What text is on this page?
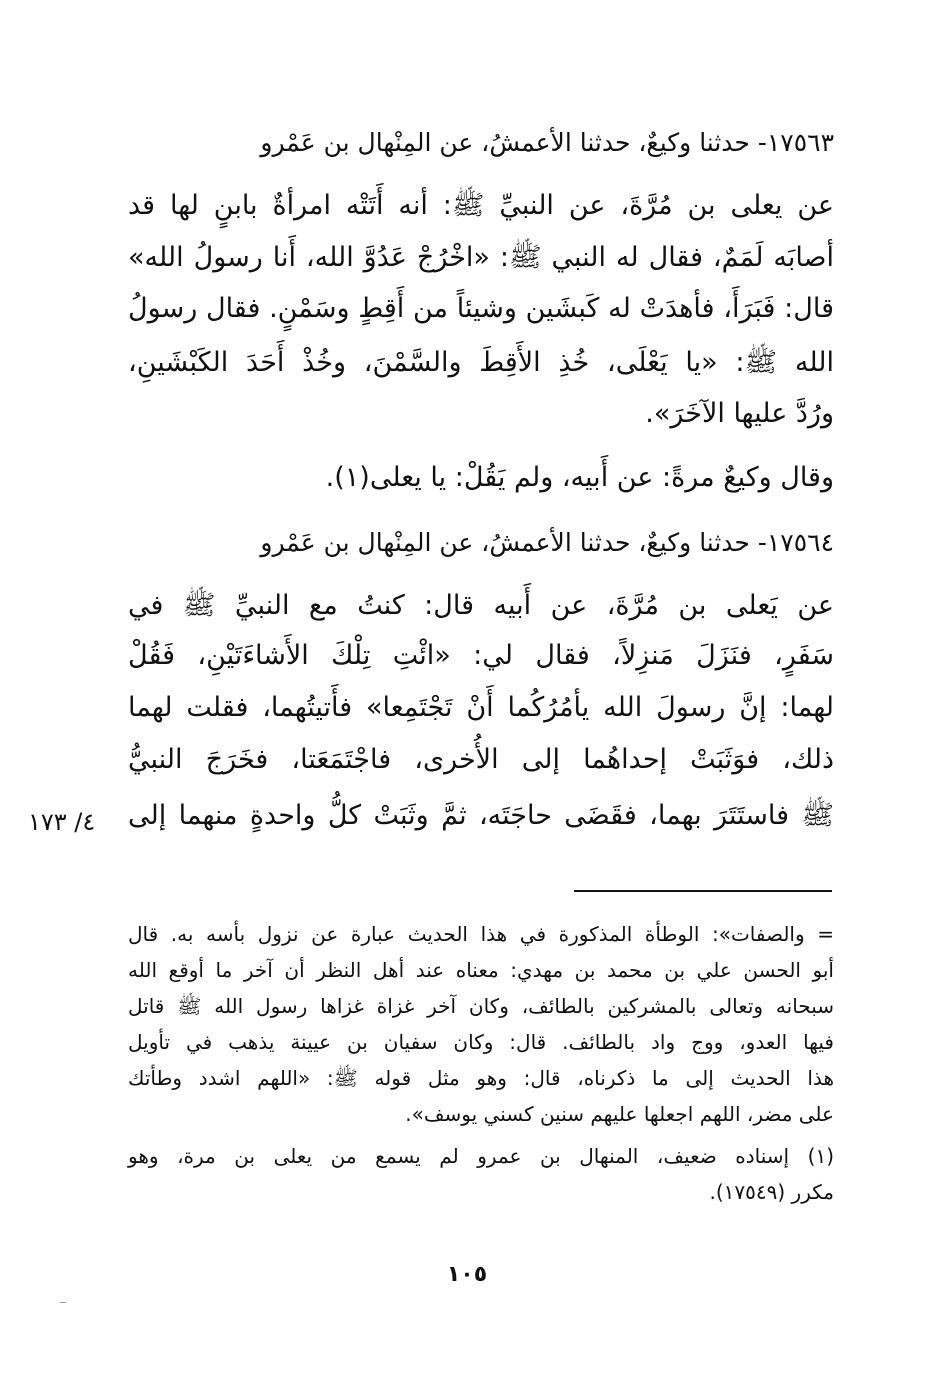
١٧٥٦٣- حدثنا وكيعٌ، حدثنا الأعمشُ، عن المِنْهال بن عَمْرو
عن يعلى بن مُرَّةَ، عن النبيِّ ﷺ: أنه أَتَتْه امرأةٌ بابنٍ لها قد
أصابَه لَمَمٌ، فقال له النبي ﷺ: «اخْرُجْ عَدُوَّ الله، أَنا رسولُ الله»
قال: فَبَرَأَ، فأهدَتْ له كَبشَين وشيئاً من أَقِطٍ وسَمْنٍ. فقال رسولُ
الله ﷺ: «يا يَعْلَى، خُذِ الأَقِطَ والسَّمْنَ، وخُذْ أَحَدَ الكَبْشَينِ،
ورُدَّ عليها الآخَرَ».
وقال وكيعٌ مرةً: عن أَبيه، ولم يَقُلْ: يا يعلى(١).
١٧٥٦٤- حدثنا وكيعٌ، حدثنا الأعمشُ، عن المِنْهال بن عَمْرو
عن يَعلى بن مُرَّةَ، عن أَبيه قال: كنتُ مع النبيِّ ﷺ في
سَفَرٍ، فنَزَلَ مَنزِلاً، فقال لي: «ائْتِ تِلْكَ الأَشاءَتَيْنِ، فَقُلْ
لهما: إنَّ رسولَ الله يأمُرُكُما أَنْ تَجْتَمِعا» فأَتيتُهما، فقلت لهما
ذلك، فوَثَبَتْ إحداهُما إلى الأُخرى، فاجْتَمَعَتا، فخَرَجَ النبيُّ
ﷺ فاستَتَرَ بهما، فقَضَى حاجَتَه، ثمَّ وثَبَتْ كلُّ واحدةٍ منهما إلى
٤/ ١٧٣
= والصفات»: الوطأة المذكورة في هذا الحديث عبارة عن نزول بأسه به. قال
أبو الحسن علي بن محمد بن مهدي: معناه عند أهل النظر أن آخر ما أوقع الله
سبحانه وتعالى بالمشركين بالطائف، وكان آخر غزاة غزاها رسول الله ﷺ قاتل
فيها العدو، ووج واد بالطائف. قال: وكان سفيان بن عيينة يذهب في تأويل
هذا الحديث إلى ما ذكرناه، قال: وهو مثل قوله ﷺ: «اللهم اشدد وطأتك
على مضر، اللهم اجعلها عليهم سنين كسني يوسف».
(١) إسناده ضعيف، المنهال بن عمرو لم يسمع من يعلى بن مرة، وهو
مكرر (١٧٥٤٩).
١٠٥
